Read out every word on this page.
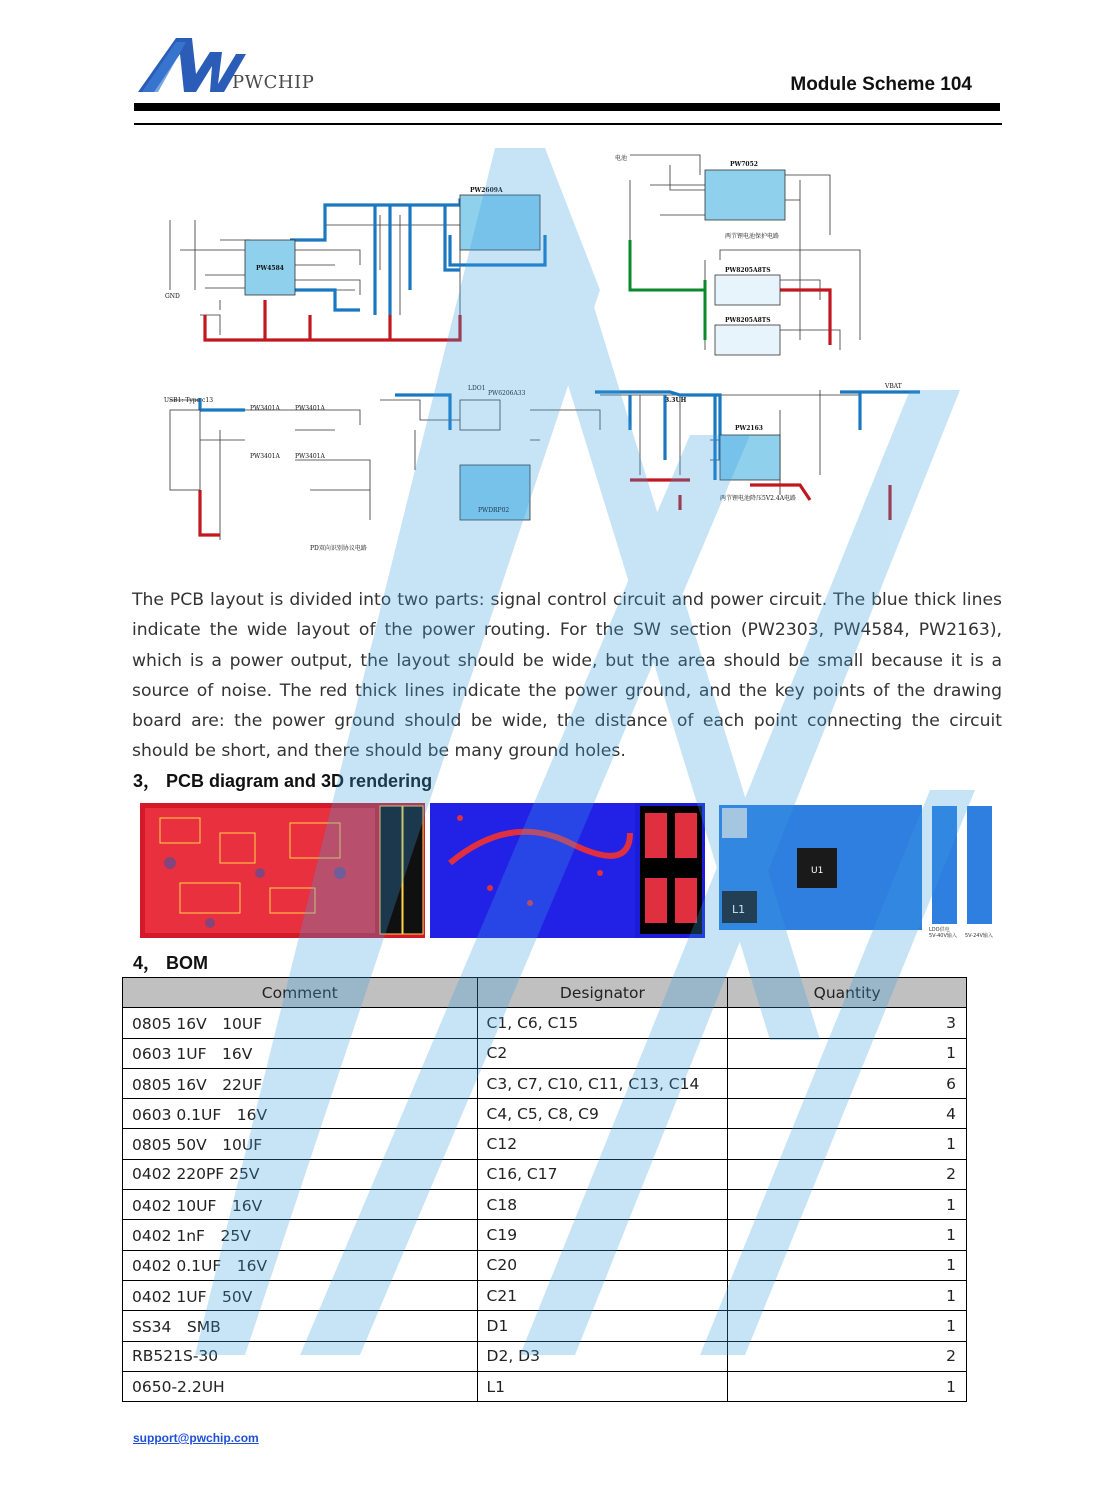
PWCHIP	Module Scheme 104
PW4584
PW2609A
PW7052
PW8205A8TS
PW8205A8TS
PW2163
PW6206A33
PWDRP02
PW3401A	PW3401A
PW3401A	PW3401A
USB1: Type c13
PD双向识别协议电路
两节锂电池降压5V2.4A电路
两节锂电池保护电路
电池
GND
VBAT
LDO1
3.3UH
The PCB layout is divided into two parts: signal control circuit and power circuit. The blue thick lines indicate the wide layout of the power routing. For the SW section (PW2303, PW4584, PW2163), which is a power output, the layout should be wide, but the area should be small because it is a source of noise. The red thick lines indicate the power ground, and the key points of the drawing board are: the power ground should be wide, the distance of each point connecting the circuit should be short, and there should be many ground holes.
3， PCB diagram and 3D rendering
L1
U1
LDO供电
5V-40V输入 5V-24V输入
4， BOM
Comment	Designator	Quantity
0805 16V　10UF	C1, C6, C15	3
0603 1UF　16V	C2	1
0805 16V　22UF	C3, C7, C10, C11, C13, C14	6
0603 0.1UF　16V	C4, C5, C8, C9	4
0805 50V　10UF	C12	1
0402 220PF 25V	C16, C17	2
0402 10UF　16V	C18	1
0402 1nF　25V	C19	1
0402 0.1UF　16V	C20	1
0402 1UF　50V	C21	1
SS34　SMB	D1	1
RB521S-30	D2, D3	2
0650-2.2UH	L1	1
support@pwchip.com
